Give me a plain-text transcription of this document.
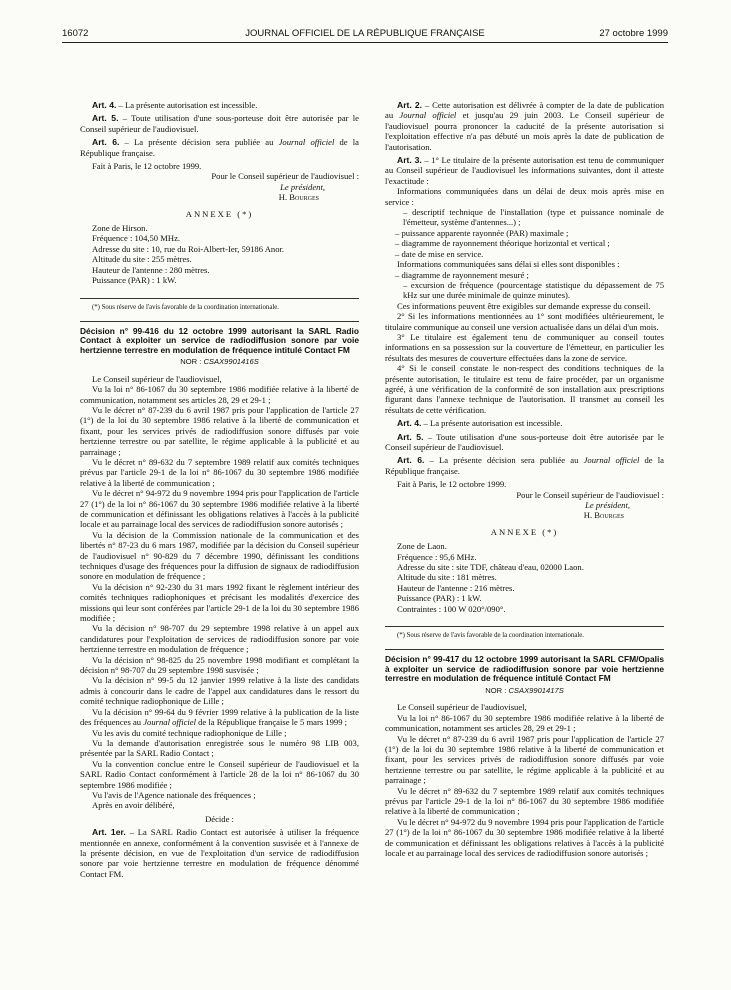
16072	JOURNAL OFFICIEL DE LA RÉPUBLIQUE FRANÇAISE	27 octobre 1999

Art. 4. – La présente autorisation est incessible.

Art. 5. – Toute utilisation d'une sous-porteuse doit être autorisée par le Conseil supérieur de l'audiovisuel.

Art. 6. – La présente décision sera publiée au Journal officiel de la République française.

Fait à Paris, le 12 octobre 1999.

Pour le Conseil supérieur de l'audiovisuel :

Le président,

H. Bourges

ANNEXE (*)

Zone de Hirson.

Fréquence : 104,50 MHz.

Adresse du site : 10, rue du Roi-Albert-Ier, 59186 Anor.

Altitude du site : 255 mètres.

Hauteur de l'antenne : 280 mètres.

Puissance (PAR) : 1 kW.

(*) Sous réserve de l'avis favorable de la coordination internationale.

Décision n° 99-416 du 12 octobre 1999 autorisant la SARL Radio Contact à exploiter un service de radiodiffusion sonore par voie hertzienne terrestre en modulation de fréquence intitulé Contact FM

NOR : CSAX9901416S

Le Conseil supérieur de l'audiovisuel,

Vu la loi n° 86-1067 du 30 septembre 1986 modifiée relative à la liberté de communication, notamment ses articles 28, 29 et 29-1 ;

Vu le décret n° 87-239 du 6 avril 1987 pris pour l'application de l'article 27 (1°) de la loi du 30 septembre 1986 relative à la liberté de communication et fixant, pour les services privés de radiodiffusion sonore diffusés par voie hertzienne terrestre ou par satellite, le régime applicable à la publicité et au parrainage ;

Vu le décret n° 89-632 du 7 septembre 1989 relatif aux comités techniques prévus par l'article 29-1 de la loi n° 86-1067 du 30 septembre 1986 modifiée relative à la liberté de communication ;

Vu le décret n° 94-972 du 9 novembre 1994 pris pour l'application de l'article 27 (1°) de la loi n° 86-1067 du 30 septembre 1986 modifiée relative à la liberté de communication et définissant les obligations relatives à l'accès à la publicité locale et au parrainage local des services de radiodiffusion sonore autorisés ;

Vu la décision de la Commission nationale de la communication et des libertés n° 87-23 du 6 mars 1987, modifiée par la décision du Conseil supérieur de l'audiovisuel n° 90-829 du 7 décembre 1990, définissant les conditions techniques d'usage des fréquences pour la diffusion de signaux de radiodiffusion sonore en modulation de fréquence ;

Vu la décision n° 92-230 du 31 mars 1992 fixant le règlement intérieur des comités techniques radiophoniques et précisant les modalités d'exercice des missions qui leur sont conférées par l'article 29-1 de la loi du 30 septembre 1986 modifiée ;

Vu la décision n° 98-707 du 29 septembre 1998 relative à un appel aux candidatures pour l'exploitation de services de radiodiffusion sonore par voie hertzienne terrestre en modulation de fréquence ;

Vu la décision n° 98-825 du 25 novembre 1998 modifiant et complétant la décision n° 98-707 du 29 septembre 1998 susvisée ;

Vu la décision n° 99-5 du 12 janvier 1999 relative à la liste des candidats admis à concourir dans le cadre de l'appel aux candidatures dans le ressort du comité technique radiophonique de Lille ;

Vu la décision n° 99-64 du 9 février 1999 relative à la publication de la liste des fréquences au Journal officiel de la République française le 5 mars 1999 ;

Vu les avis du comité technique radiophonique de Lille ;

Vu la demande d'autorisation enregistrée sous le numéro 98 LIB 003, présentée par la SARL Radio Contact ;

Vu la convention conclue entre le Conseil supérieur de l'audiovisuel et la SARL Radio Contact conformément à l'article 28 de la loi n° 86-1067 du 30 septembre 1986 modifiée ;

Vu l'avis de l'Agence nationale des fréquences ;

Après en avoir délibéré,

Décide :

Art. 1er. – La SARL Radio Contact est autorisée à utiliser la fréquence mentionnée en annexe, conformément à la convention susvisée et à l'annexe de la présente décision, en vue de l'exploitation d'un service de radiodiffusion sonore par voie hertzienne terrestre en modulation de fréquence dénommé Contact FM.

Art. 2. – Cette autorisation est délivrée à compter de la date de publication au Journal officiel et jusqu'au 29 juin 2003. Le Conseil supérieur de l'audiovisuel pourra prononcer la caducité de la présente autorisation si l'exploitation effective n'a pas débuté un mois après la date de publication de l'autorisation.

Art. 3. – 1° Le titulaire de la présente autorisation est tenu de communiquer au Conseil supérieur de l'audiovisuel les informations suivantes, dont il atteste l'exactitude :

Informations communiquées dans un délai de deux mois après mise en service :

– descriptif technique de l'installation (type et puissance nominale de l'émetteur, système d'antennes...) ;

– puissance apparente rayonnée (PAR) maximale ;

– diagramme de rayonnement théorique horizontal et vertical ;

– date de mise en service.

Informations communiquées sans délai si elles sont disponibles :

– diagramme de rayonnement mesuré ;

– excursion de fréquence (pourcentage statistique du dépassement de 75 kHz sur une durée minimale de quinze minutes).

Ces informations peuvent être exigibles sur demande expresse du conseil.

2° Si les informations mentionnées au 1° sont modifiées ultérieurement, le titulaire communique au conseil une version actualisée dans un délai d'un mois.

3° Le titulaire est également tenu de communiquer au conseil toutes informations en sa possession sur la couverture de l'émetteur, en particulier les résultats des mesures de couverture effectuées dans la zone de service.

4° Si le conseil constate le non-respect des conditions techniques de la présente autorisation, le titulaire est tenu de faire procéder, par un organisme agréé, à une vérification de la conformité de son installation aux prescriptions figurant dans l'annexe technique de l'autorisation. Il transmet au conseil les résultats de cette vérification.

Art. 4. – La présente autorisation est incessible.

Art. 5. – Toute utilisation d'une sous-porteuse doit être autorisée par le Conseil supérieur de l'audiovisuel.

Art. 6. – La présente décision sera publiée au Journal officiel de la République française.

Fait à Paris, le 12 octobre 1999.

Pour le Conseil supérieur de l'audiovisuel :

Le président,

H. Bourges

ANNEXE (*)

Zone de Laon.

Fréquence : 95,6 MHz.

Adresse du site : site TDF, château d'eau, 02000 Laon.

Altitude du site : 181 mètres.

Hauteur de l'antenne : 216 mètres.

Puissance (PAR) : 1 kW.

Contraintes : 100 W 020°/090°.

(*) Sous réserve de l'avis favorable de la coordination internationale.

Décision n° 99-417 du 12 octobre 1999 autorisant la SARL CFM/Opalis à exploiter un service de radiodiffusion sonore par voie hertzienne terrestre en modulation de fréquence intitulé Contact FM

NOR : CSAX9901417S

Le Conseil supérieur de l'audiovisuel,

Vu la loi n° 86-1067 du 30 septembre 1986 modifiée relative à la liberté de communication, notamment ses articles 28, 29 et 29-1 ;

Vu le décret n° 87-239 du 6 avril 1987 pris pour l'application de l'article 27 (1°) de la loi du 30 septembre 1986 relative à la liberté de communication et fixant, pour les services privés de radiodiffusion sonore diffusés par voie hertzienne terrestre ou par satellite, le régime applicable à la publicité et au parrainage ;

Vu le décret n° 89-632 du 7 septembre 1989 relatif aux comités techniques prévus par l'article 29-1 de la loi n° 86-1067 du 30 septembre 1986 modifiée relative à la liberté de communication ;

Vu le décret n° 94-972 du 9 novembre 1994 pris pour l'application de l'article 27 (1°) de la loi n° 86-1067 du 30 septembre 1986 modifiée relative à la liberté de communication et définissant les obligations relatives à l'accès à la publicité locale et au parrainage local des services de radiodiffusion sonore autorisés ;
